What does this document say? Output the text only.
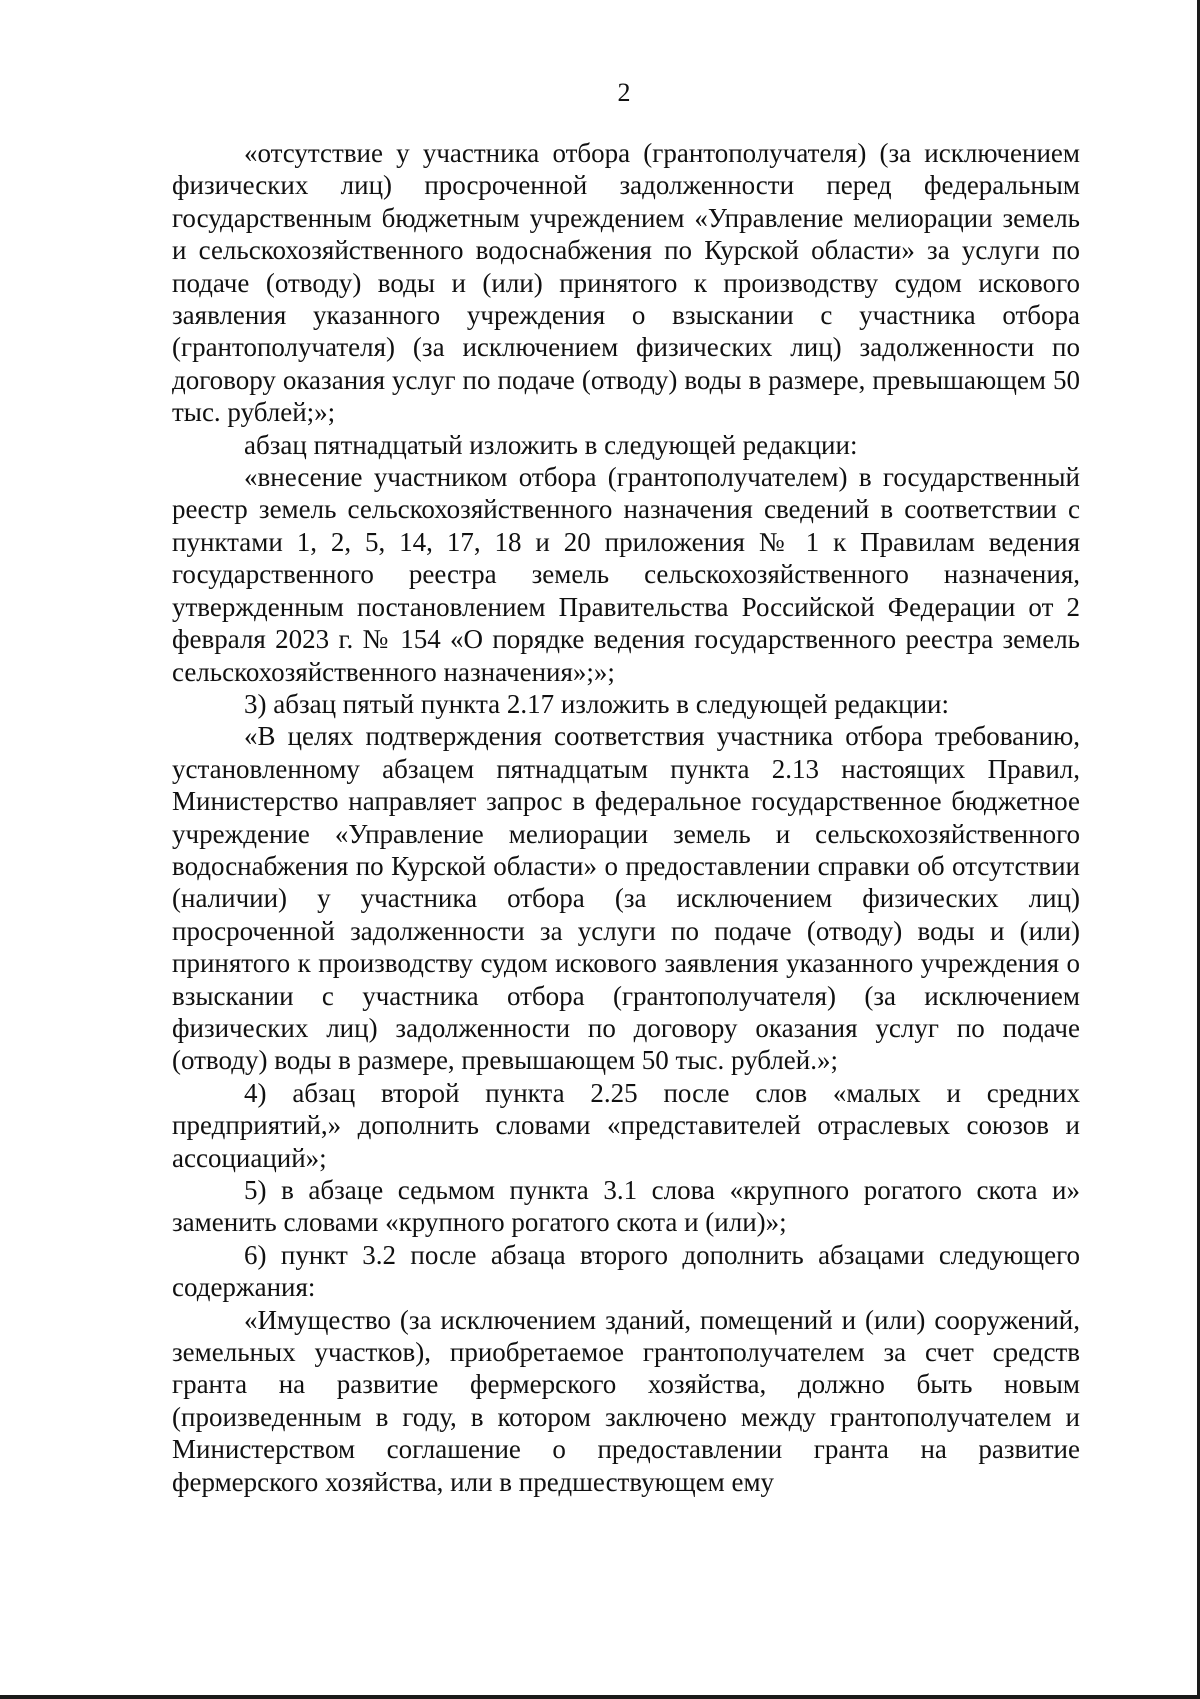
2

«отсутствие у участника отбора (грантополучателя) (за исключением физических лиц) просроченной задолженности перед федеральным государственным бюджетным учреждением «Управление мелиорации земель и сельскохозяйственного водоснабжения по Курской области» за услуги по подаче (отводу) воды и (или) принятого к производству судом искового заявления указанного учреждения о взыскании с участника отбора (грантополучателя) (за исключением физических лиц) задолженности по договору оказания услуг по подаче (отводу) воды в размере, превышающем 50 тыс. рублей;»;

абзац пятнадцатый изложить в следующей редакции:

«внесение участником отбора (грантополучателем) в государственный реестр земель сельскохозяйственного назначения сведений в соответствии с пунктами 1, 2, 5, 14, 17, 18 и 20 приложения № 1 к Правилам ведения государственного реестра земель сельскохозяйственного назначения, утвержденным постановлением Правительства Российской Федерации от 2 февраля 2023 г. № 154 «О порядке ведения государственного реестра земель сельскохозяйственного назначения»;»;

3) абзац пятый пункта 2.17 изложить в следующей редакции:

«В целях подтверждения соответствия участника отбора требованию, установленному абзацем пятнадцатым пункта 2.13 настоящих Правил, Министерство направляет запрос в федеральное государственное бюджетное учреждение «Управление мелиорации земель и сельскохозяйственного водоснабжения по Курской области» о предоставлении справки об отсутствии (наличии) у участника отбора (за исключением физических лиц) просроченной задолженности за услуги по подаче (отводу) воды и (или) принятого к производству судом искового заявления указанного учреждения о взыскании с участника отбора (грантополучателя) (за исключением физических лиц) задолженности по договору оказания услуг по подаче (отводу) воды в размере, превышающем 50 тыс. рублей.»;

4) абзац второй пункта 2.25 после слов «малых и средних предприятий,» дополнить словами «представителей отраслевых союзов и ассоциаций»;

5) в абзаце седьмом пункта 3.1 слова «крупного рогатого скота и» заменить словами «крупного рогатого скота и (или)»;

6) пункт 3.2 после абзаца второго дополнить абзацами следующего содержания:

«Имущество (за исключением зданий, помещений и (или) сооружений, земельных участков), приобретаемое грантополучателем за счет средств гранта на развитие фермерского хозяйства, должно быть новым (произведенным в году, в котором заключено между грантополучателем и Министерством соглашение о предоставлении гранта на развитие фермерского хозяйства, или в предшествующем ему
